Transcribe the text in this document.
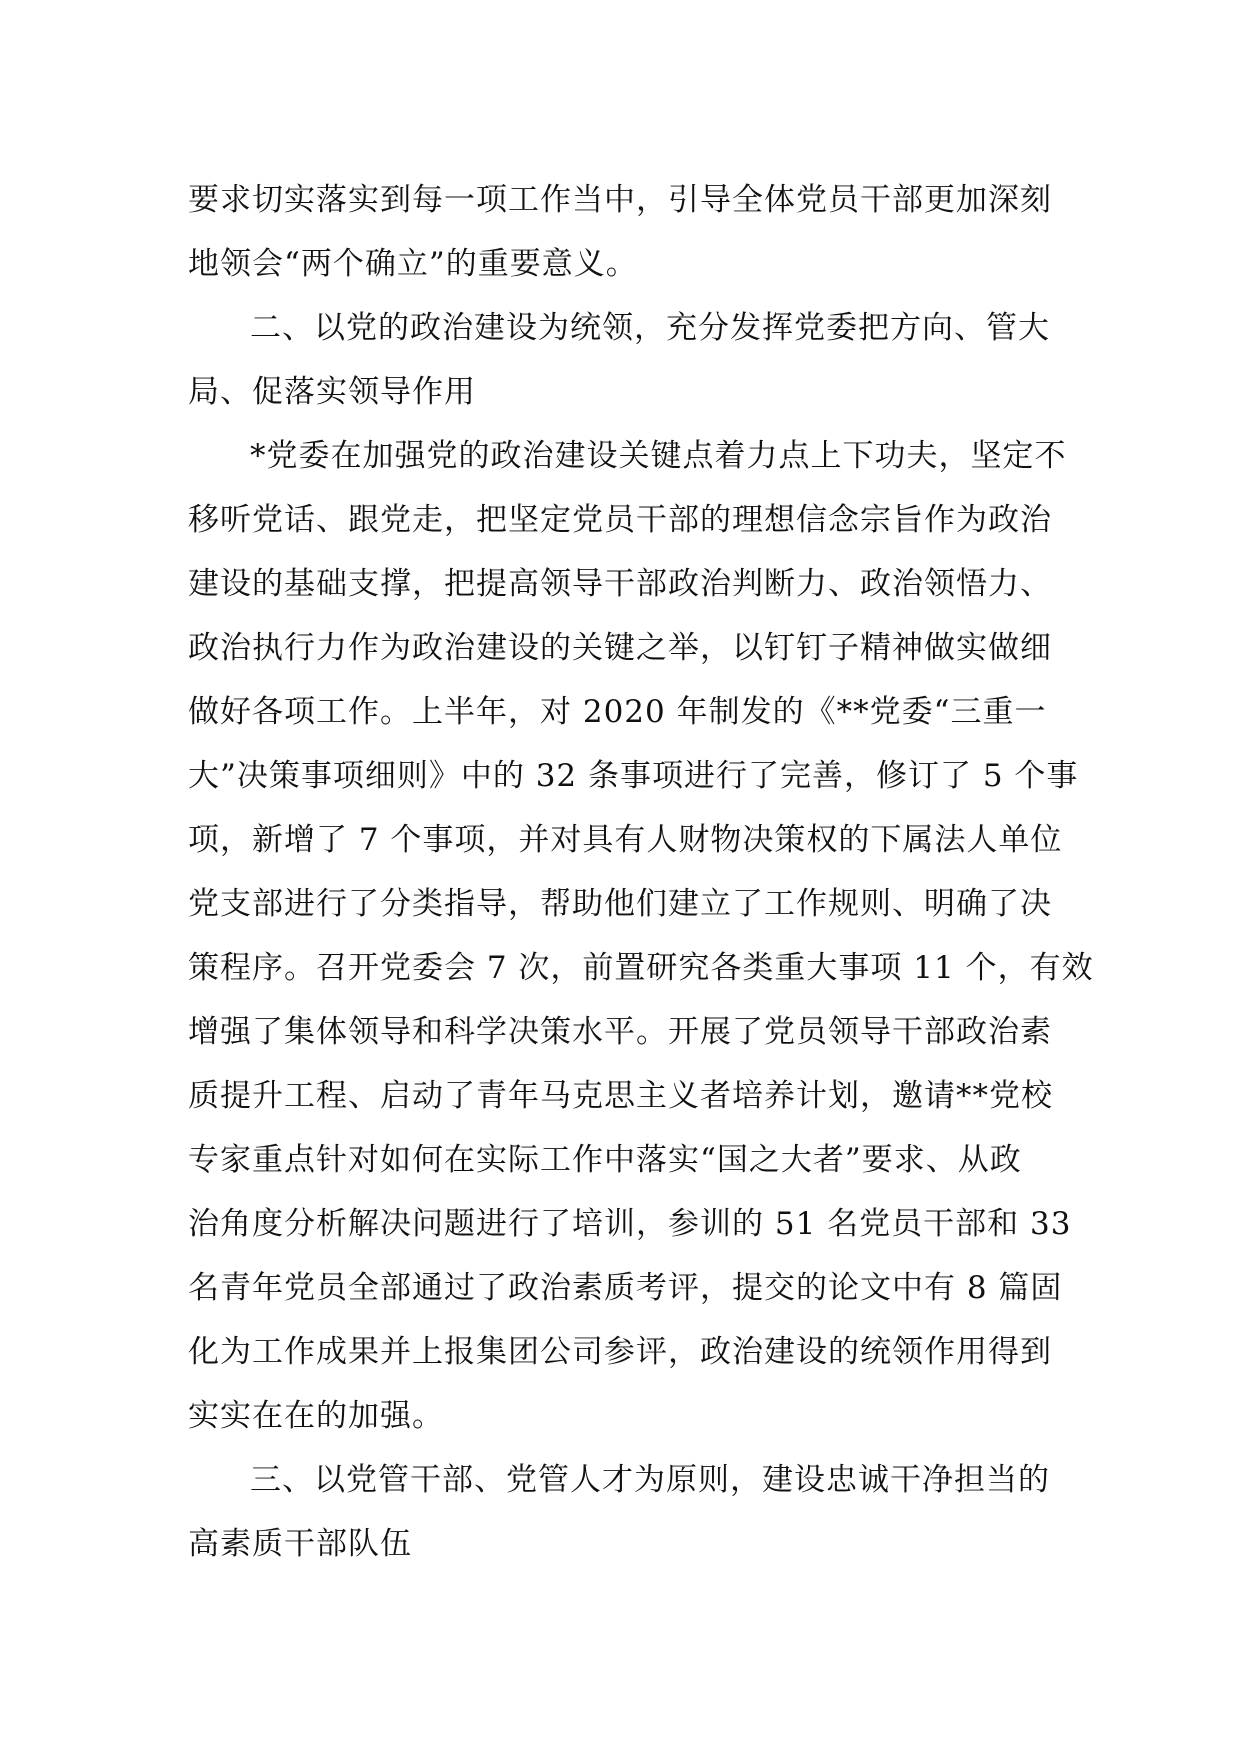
要求切实落实到每一项工作当中，引导全体党员干部更加深刻
地领会“两个确立”的重要意义。
二、以党的政治建设为统领，充分发挥党委把方向、管大
局、促落实领导作用
*党委在加强党的政治建设关键点着力点上下功夫，坚定不
移听党话、跟党走，把坚定党员干部的理想信念宗旨作为政治
建设的基础支撑，把提高领导干部政治判断力、政治领悟力、
政治执行力作为政治建设的关键之举，以钉钉子精神做实做细
做好各项工作。上半年，对 2020 年制发的《**党委“三重一
大”决策事项细则》中的 32 条事项进行了完善，修订了 5 个事
项，新增了 7 个事项，并对具有人财物决策权的下属法人单位
党支部进行了分类指导，帮助他们建立了工作规则、明确了决
策程序。召开党委会 7 次，前置研究各类重大事项 11 个，有效
增强了集体领导和科学决策水平。开展了党员领导干部政治素
质提升工程、启动了青年马克思主义者培养计划，邀请**党校
专家重点针对如何在实际工作中落实“国之大者”要求、从政
治角度分析解决问题进行了培训，参训的 51 名党员干部和 33
名青年党员全部通过了政治素质考评，提交的论文中有 8 篇固
化为工作成果并上报集团公司参评，政治建设的统领作用得到
实实在在的加强。
三、以党管干部、党管人才为原则，建设忠诚干净担当的
高素质干部队伍
